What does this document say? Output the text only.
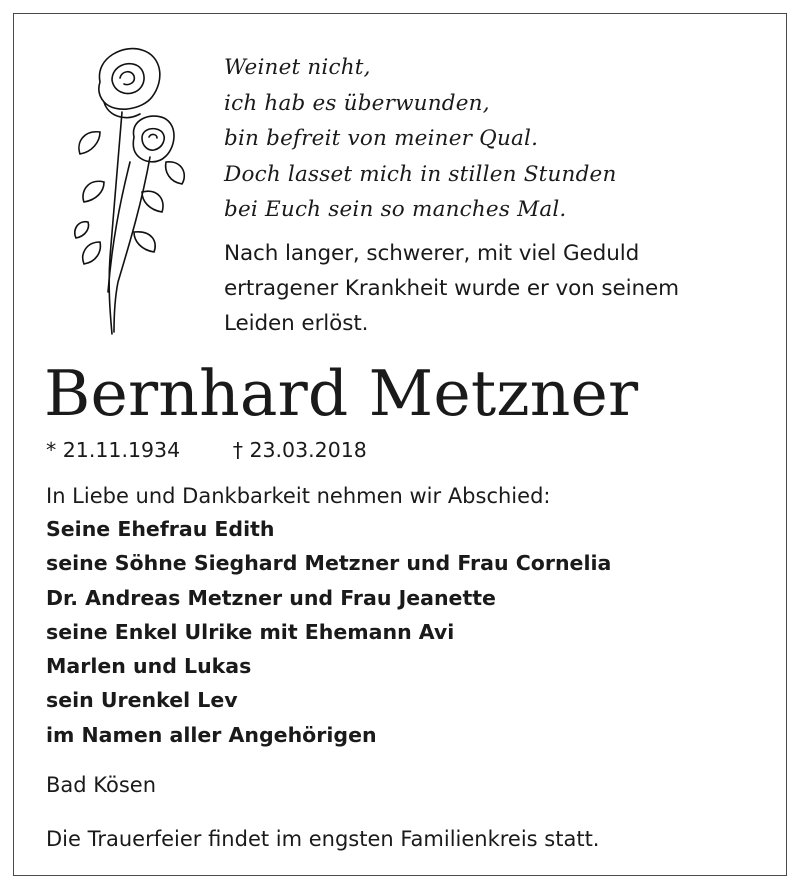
Weinet nicht,
ich hab es überwunden,
bin befreit von meiner Qual.
Doch lasset mich in stillen Stunden
bei Euch sein so manches Mal.
Nach langer, schwerer, mit viel Geduld
ertragener Krankheit wurde er von seinem
Leiden erlöst.
Bernhard Metzner
* 21.11.1934	† 23.03.2018
In Liebe und Dankbarkeit nehmen wir Abschied:
Seine Ehefrau Edith
seine Söhne Sieghard Metzner und Frau Cornelia
Dr. Andreas Metzner und Frau Jeanette
seine Enkel Ulrike mit Ehemann Avi
Marlen und Lukas
sein Urenkel Lev
im Namen aller Angehörigen
Bad Kösen
Die Trauerfeier findet im engsten Familienkreis statt.
